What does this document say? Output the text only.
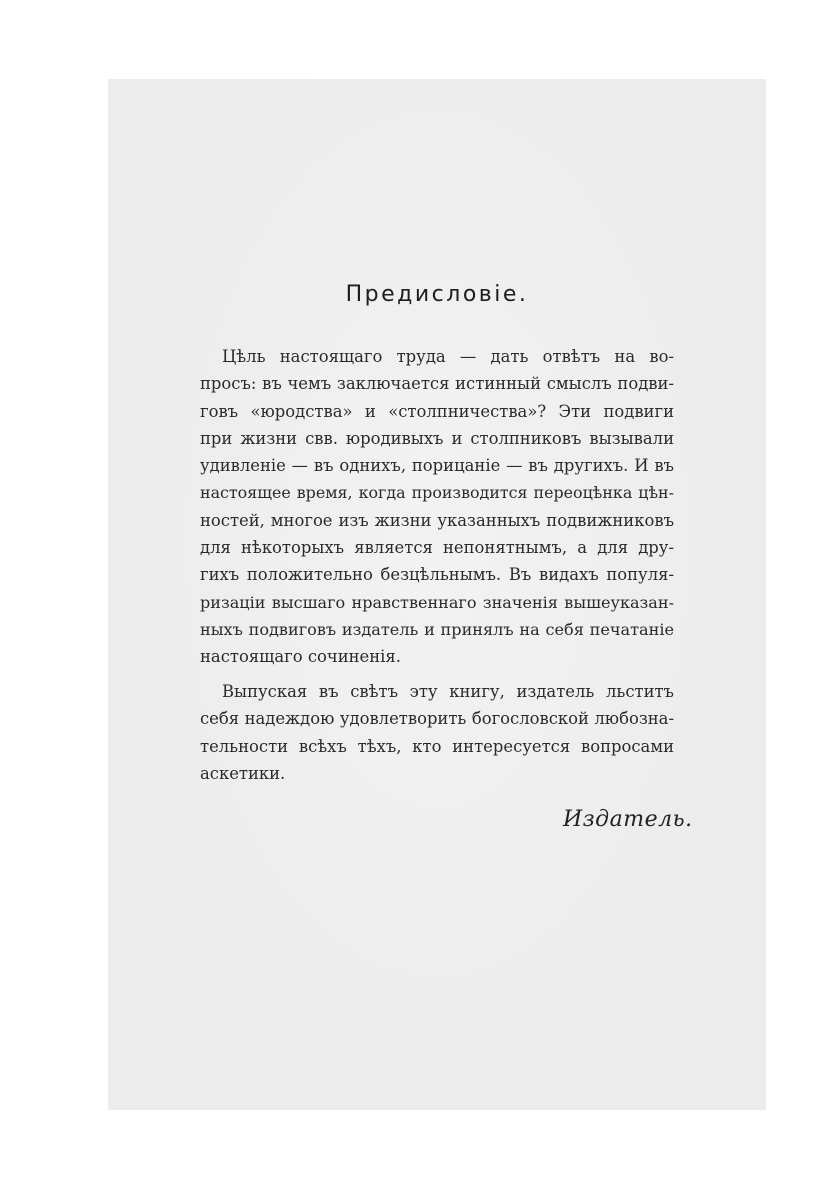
Предисловіе.
Цѣль настоящаго труда — дать отвѣтъ на во-
просъ: въ чемъ заключается истинный смыслъ подви-
говъ «юродства» и «столпничества»? Эти подвиги
при жизни свв. юродивыхъ и столпниковъ вызывали
удивленіе — въ однихъ, порицаніе — въ другихъ. И въ
настоящее время, когда производится переоцѣнка цѣн-
ностей, многое изъ жизни указанныхъ подвижниковъ
для нѣкоторыхъ является непонятнымъ, а для дру-
гихъ положительно безцѣльнымъ. Въ видахъ популя-
ризаціи высшаго нравственнаго значенія вышеуказан-
ныхъ подвиговъ издатель и принялъ на себя печатаніе
настоящаго сочиненія.
Выпуская въ свѣтъ эту книгу, издатель льститъ
себя надеждою удовлетворить богословской любозна-
тельности всѣхъ тѣхъ, кто интересуется вопросами
аскетики.
Издатель.
